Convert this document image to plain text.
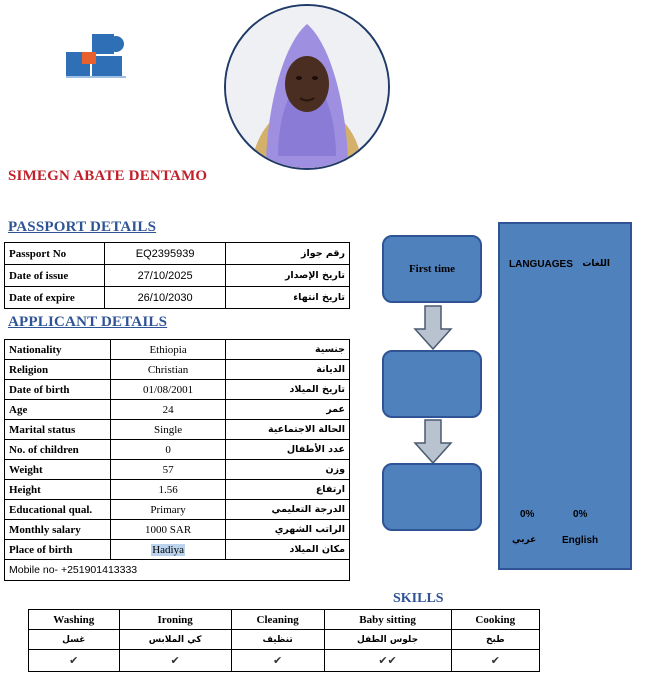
SIMEGN ABATE DENTAMO
PASSPORT DETAILS
Passport No	EQ2395939	رقم جواز
Date of issue	27/10/2025	تاريخ الإصدار
Date of expire	26/10/2030	تاريخ انتهاء
APPLICANT DETAILS
Nationality	Ethiopia	جنسية
Religion	Christian	الديانة
Date of birth	01/08/2001	تاريخ الميلاد
Age	24	عمر
Marital status	Single	الحالة الاجتماعية
No. of children	0	عدد الأطفال
Weight	57	وزن
Height	1.56	ارتفاع
Educational qual.	Primary	الدرجة التعليمي
Monthly salary	1000 SAR	الراتب الشهري
Place of birth	Hadiya	مكان الميلاد
Mobile no- +251901413333		
First time	LANGUAGES اللغات
0%	0%
عربي	English
SKILLS
Washing	Ironing	Cleaning	Baby sitting	Cooking
غسل	كي الملابس	تنظيف	جلوس الطفل	طبخ
✔	✔	✔	✔✔	✔
